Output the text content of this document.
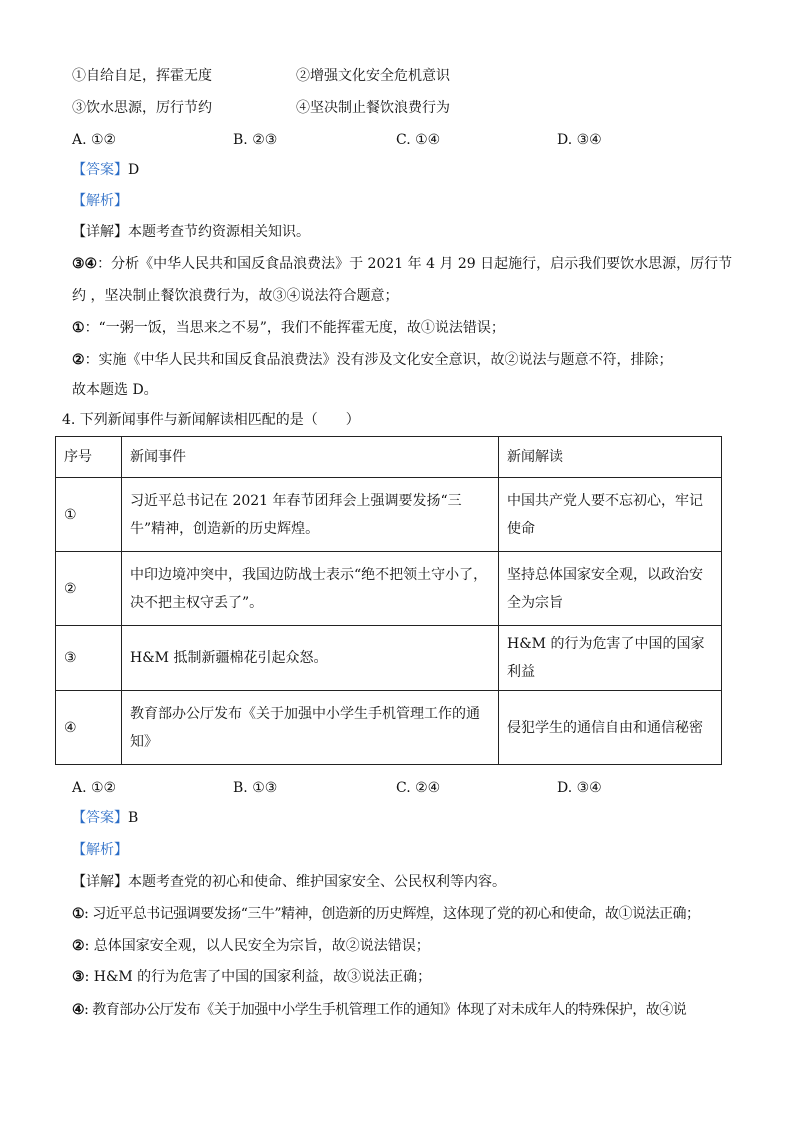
①自给自足，挥霍无度	②增强文化安全危机意识
③饮水思源，厉行节约	④坚决制止餐饮浪费行为
A. ①②	B. ②③	C. ①④	D. ③④
【答案】D
【解析】
【详解】本题考查节约资源相关知识。
③④：分析《中华人民共和国反食品浪费法》于 2021 年 4 月 29 日起施行，启示我们要饮水思源，厉行节
约 ，坚决制止餐饮浪费行为，故③④说法符合题意；
①：“一粥一饭，当思来之不易”，我们不能挥霍无度，故①说法错误；
②：实施《中华人民共和国反食品浪费法》没有涉及文化安全意识，故②说法与题意不符，排除；
故本题选 D。
4. 下列新闻事件与新闻解读相匹配的是（　　）
序号	新闻事件	新闻解读
①	习近平总书记在 2021 年春节团拜会上强调要发扬“三牛”精神，创造新的历史辉煌。	中国共产党人要不忘初心，牢记使命
②	中印边境冲突中，我国边防战士表示“绝不把领土守小了，决不把主权守丢了”。	坚持总体国家安全观，以政治安全为宗旨
③	H&M 抵制新疆棉花引起众怒。	H&M 的行为危害了中国的国家利益
④	教育部办公厅发布《关于加强中小学生手机管理工作的通知》	侵犯学生的通信自由和通信秘密
A. ①②	B. ①③	C. ②④	D. ③④
【答案】B
【解析】
【详解】本题考查党的初心和使命、维护国家安全、公民权利等内容。
①: 习近平总书记强调要发扬“三牛”精神，创造新的历史辉煌，这体现了党的初心和使命，故①说法正确；
②: 总体国家安全观，以人民安全为宗旨，故②说法错误；
③: H&M 的行为危害了中国的国家利益，故③说法正确；
④: 教育部办公厅发布《关于加强中小学生手机管理工作的通知》体现了对未成年人的特殊保护，故④说
